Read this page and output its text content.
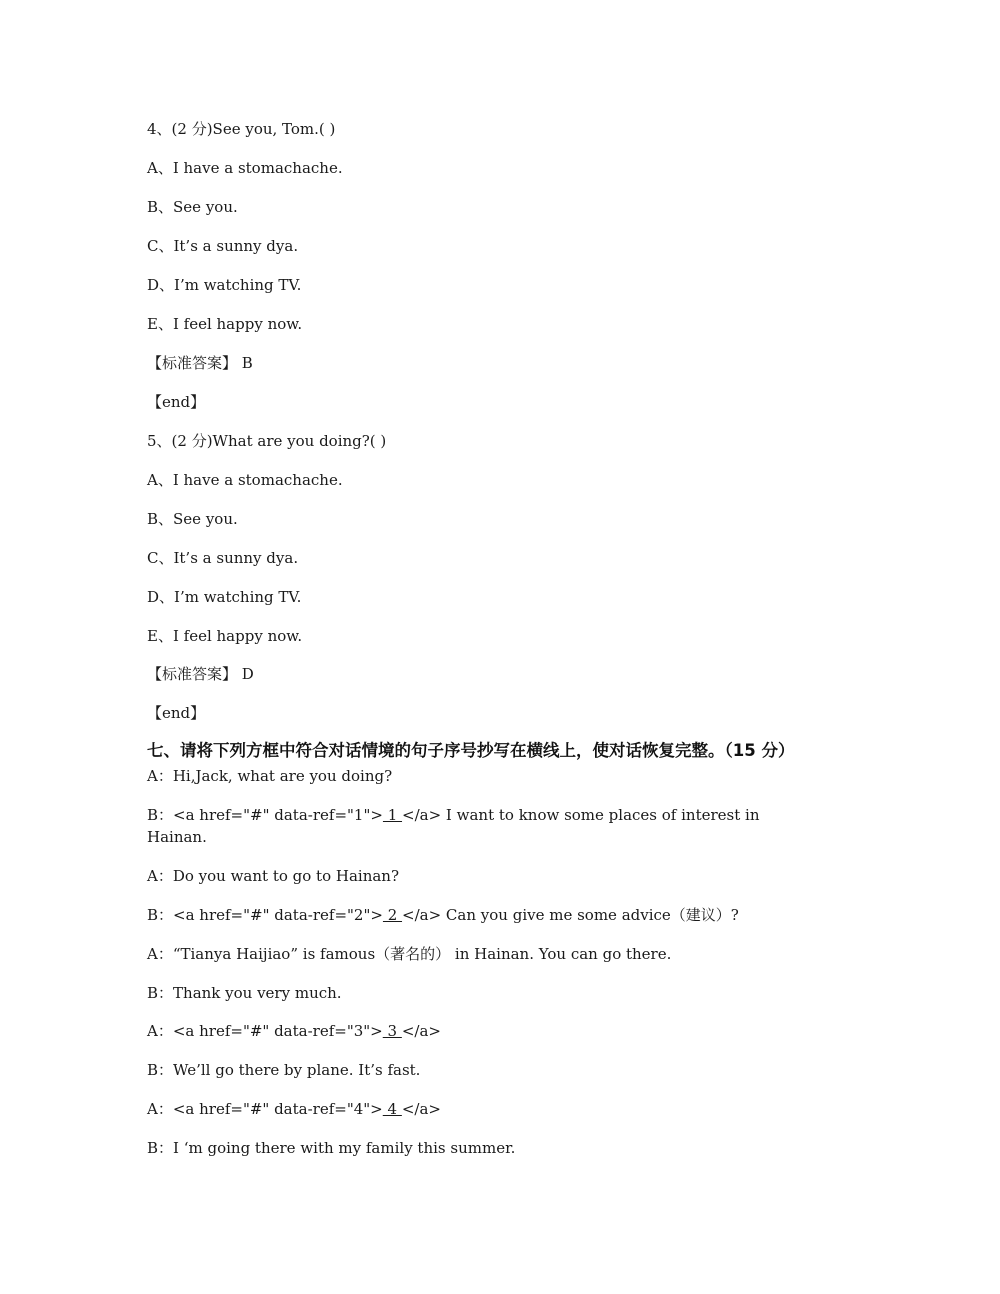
4、(2 分)See you, Tom.( )
A、I have a stomachache.
B、See you.
C、It’s a sunny dya.
D、I’m watching TV.
E、I feel happy now.
【标准答案】 B
【end】
5、(2 分)What are you doing?( )
A、I have a stomachache.
B、See you.
C、It’s a sunny dya.
D、I’m watching TV.
E、I feel happy now.
【标准答案】 D
【end】
七、请将下列方框中符合对话情境的句子序号抄写在横线上，使对话恢复完整。（15 分）
A：Hi,Jack, what are you doing?
B：<a href="#" data-ref="1"> 1 </a> I want to know some places of interest in
Hainan.
A：Do you want to go to Hainan?
B：<a href="#" data-ref="2"> 2 </a> Can you give me some advice（建议）?
A：“Tianya Haijiao” is famous（著名的） in Hainan. You can go there.
B：Thank you very much.
A：<a href="#" data-ref="3"> 3 </a>
B：We’ll go there by plane. It’s fast.
A：<a href="#" data-ref="4"> 4 </a>
B：I ‘m going there with my family this summer.
